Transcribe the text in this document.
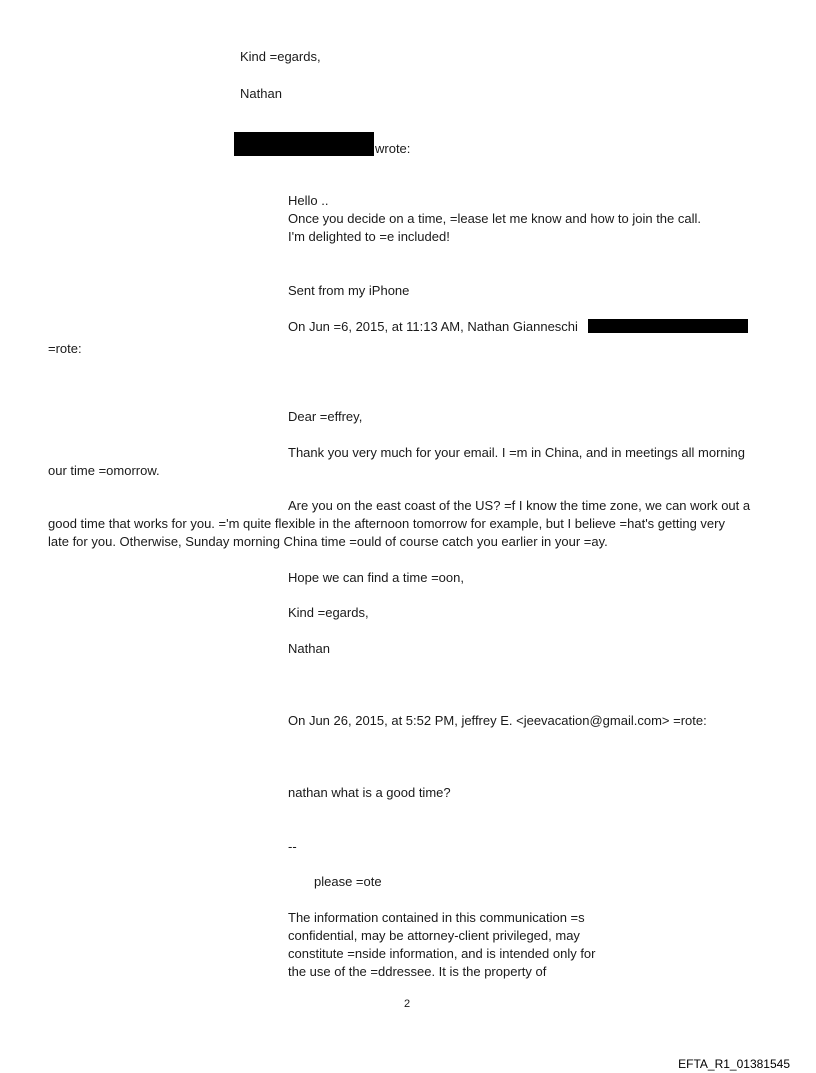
Kind =egards,
Nathan
wrote:
Hello ..
Once you decide on a time, =lease let me know and how to join the call.
I'm delighted to =e included!
Sent from my iPhone
On Jun =6, 2015, at 11:13 AM, Nathan Gianneschi
=rote:
Dear =effrey,
Thank you very much for your email. I =m in China, and in meetings all morning
our time =omorrow.
Are you on the east coast of the US? =f I know the time zone, we can work out a
good time that works for you. ='m quite flexible in the afternoon tomorrow for example, but I believe =hat's getting very
late for you. Otherwise, Sunday morning China time =ould of course catch you earlier in your =ay.
Hope we can find a time =oon,
Kind =egards,
Nathan
On Jun 26, 2015, at 5:52 PM, jeffrey E. <jeevacation@gmail.com> =rote:
nathan what is a good time?
--
please =ote
The information contained in this communication =s
confidential, may be attorney-client privileged, may
constitute =nside information, and is intended only for
the use of the =ddressee. It is the property of
2
EFTA_R1_01381545
